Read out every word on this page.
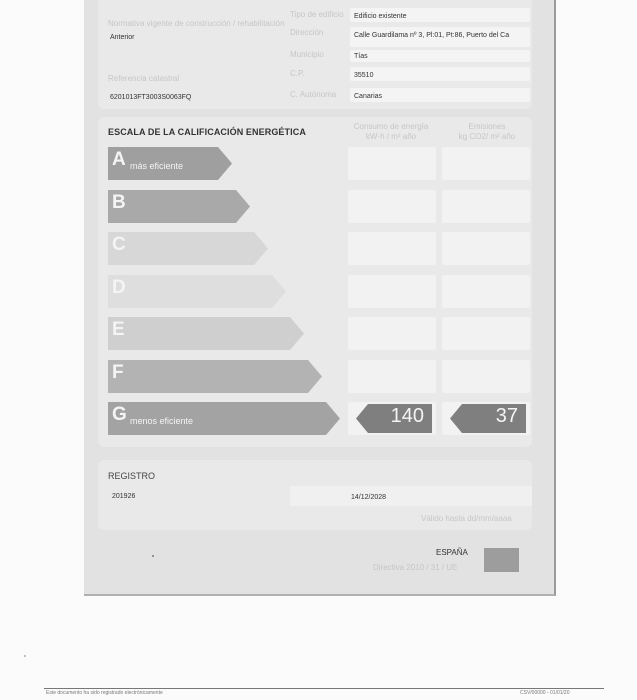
Normativa vigente de construcción / rehabilitación
Anterior
Referencia catastral
6201013FT3003S0063FQ
Tipo de edificio Edificio existente
Dirección	Calle Guardilama nº 3, Pl:01, Pt:86, Puerto del Ca
Municipio	Tías
C.P.	35510
C. Autónoma	Canarias
ESCALA DE LA CALIFICACIÓN ENERGÉTICA
Consumo de energía
kW·h / m² año
Emisiones
kg CO2/ m² año
A más eficiente
B
C
D
E
F
G menos eficiente	140	37
REGISTRO
201926	14/12/2028
Válido hasta dd/mm/aaaa
ESPAÑA
Directiva 2010 / 31 / UE
Este documento ha sido registrado electrónicamente	CSV/00000 - 01/01/20
